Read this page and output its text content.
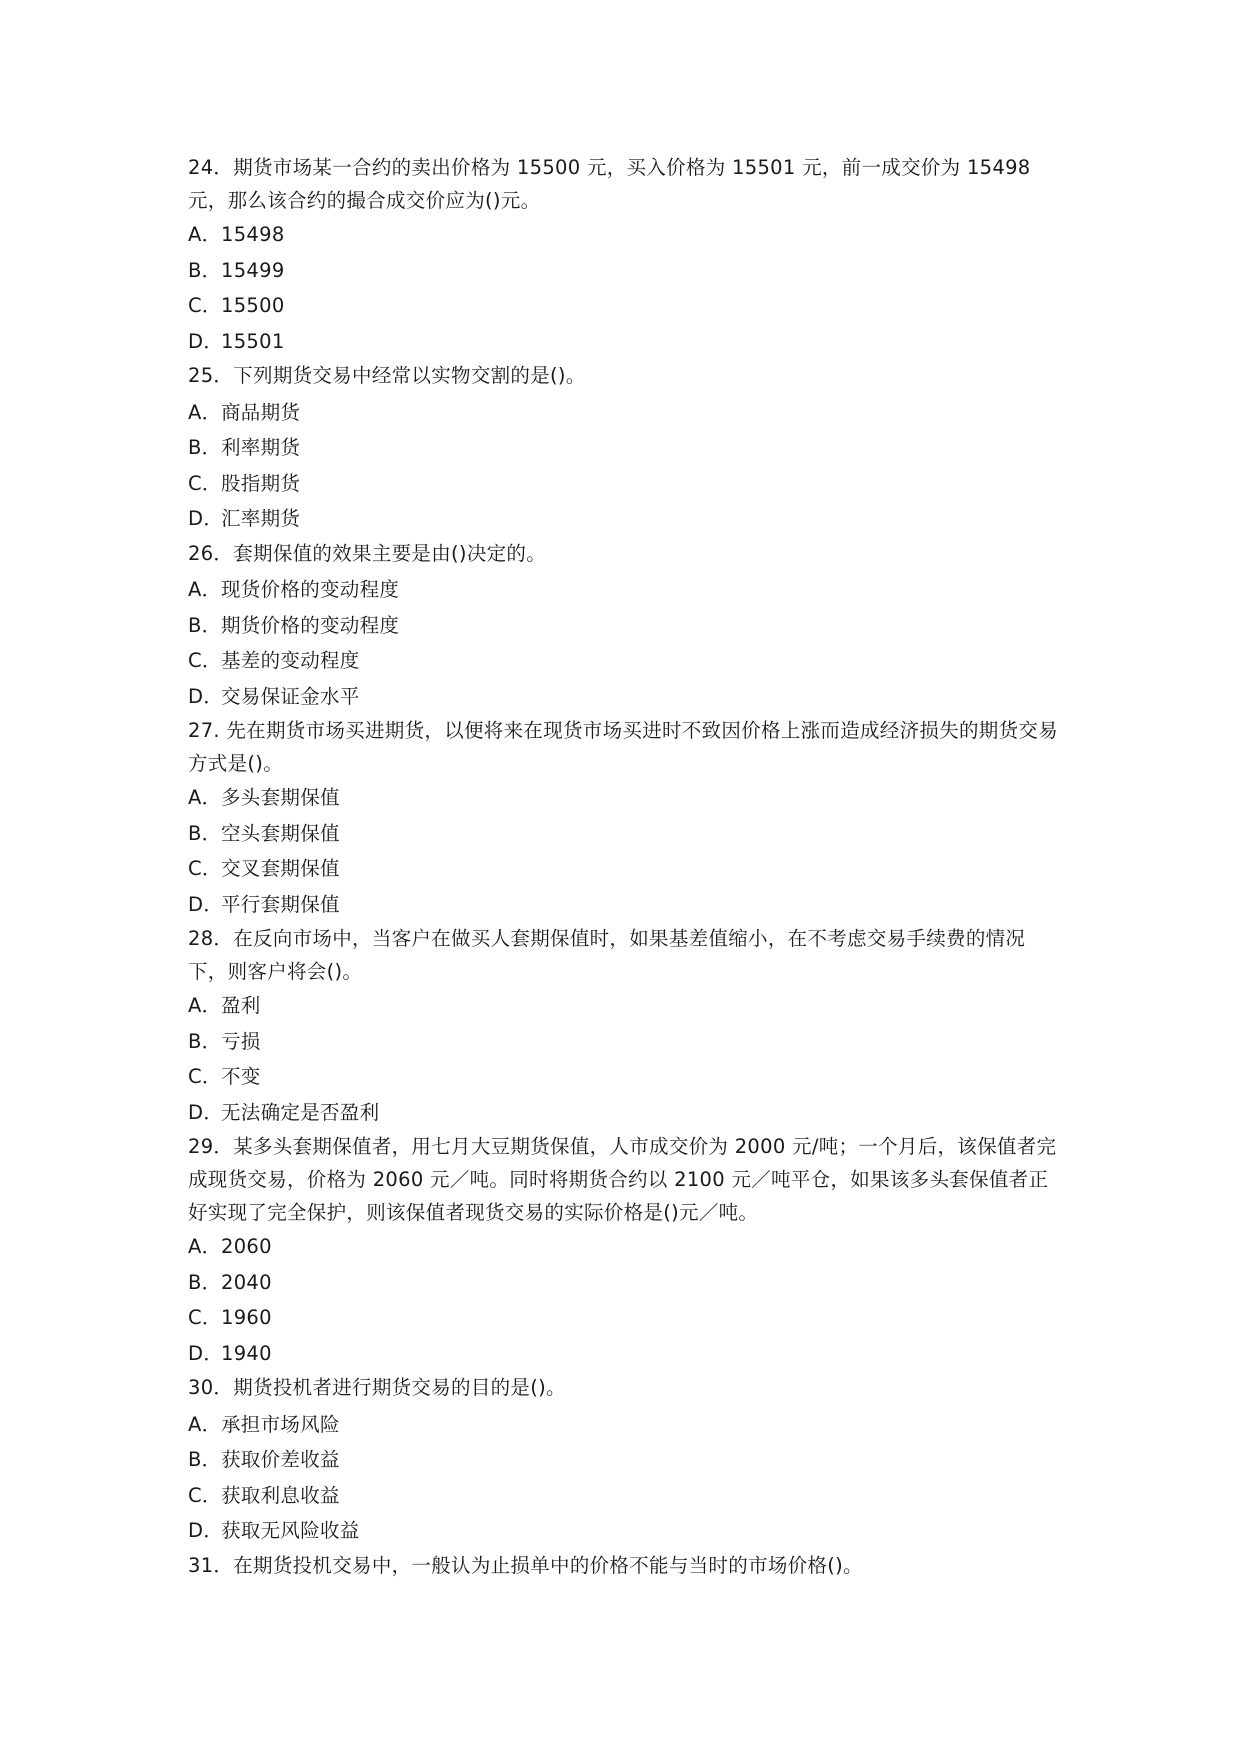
24．期货市场某一合约的卖出价格为 15500 元，买入价格为 15501 元，前一成交价为 15498 元，那么该合约的撮合成交价应为()元。

A．15498
B．15499
C．15500
D．15501

25．下列期货交易中经常以实物交割的是()。

A．商品期货
B．利率期货
C．股指期货
D．汇率期货

26．套期保值的效果主要是由()决定的。

A．现货价格的变动程度
B．期货价格的变动程度
C．基差的变动程度
D．交易保证金水平

27. 先在期货市场买进期货，以便将来在现货市场买进时不致因价格上涨而造成经济损失的期货交易方式是()。

A．多头套期保值
B．空头套期保值
C．交叉套期保值
D．平行套期保值

28．在反向市场中，当客户在做买人套期保值时，如果基差值缩小，在不考虑交易手续费的情况下，则客户将会()。

A．盈利
B．亏损
C．不变
D．无法确定是否盈利

29．某多头套期保值者，用七月大豆期货保值，人市成交价为 2000 元/吨；一个月后，该保值者完成现货交易，价格为 2060 元／吨。同时将期货合约以 2100 元／吨平仓，如果该多头套保值者正好实现了完全保护，则该保值者现货交易的实际价格是()元／吨。

A．2060
B．2040
C．1960
D．1940

30．期货投机者进行期货交易的目的是()。

A．承担市场风险
B．获取价差收益
C．获取利息收益
D．获取无风险收益

31．在期货投机交易中，一般认为止损单中的价格不能与当时的市场价格()。
